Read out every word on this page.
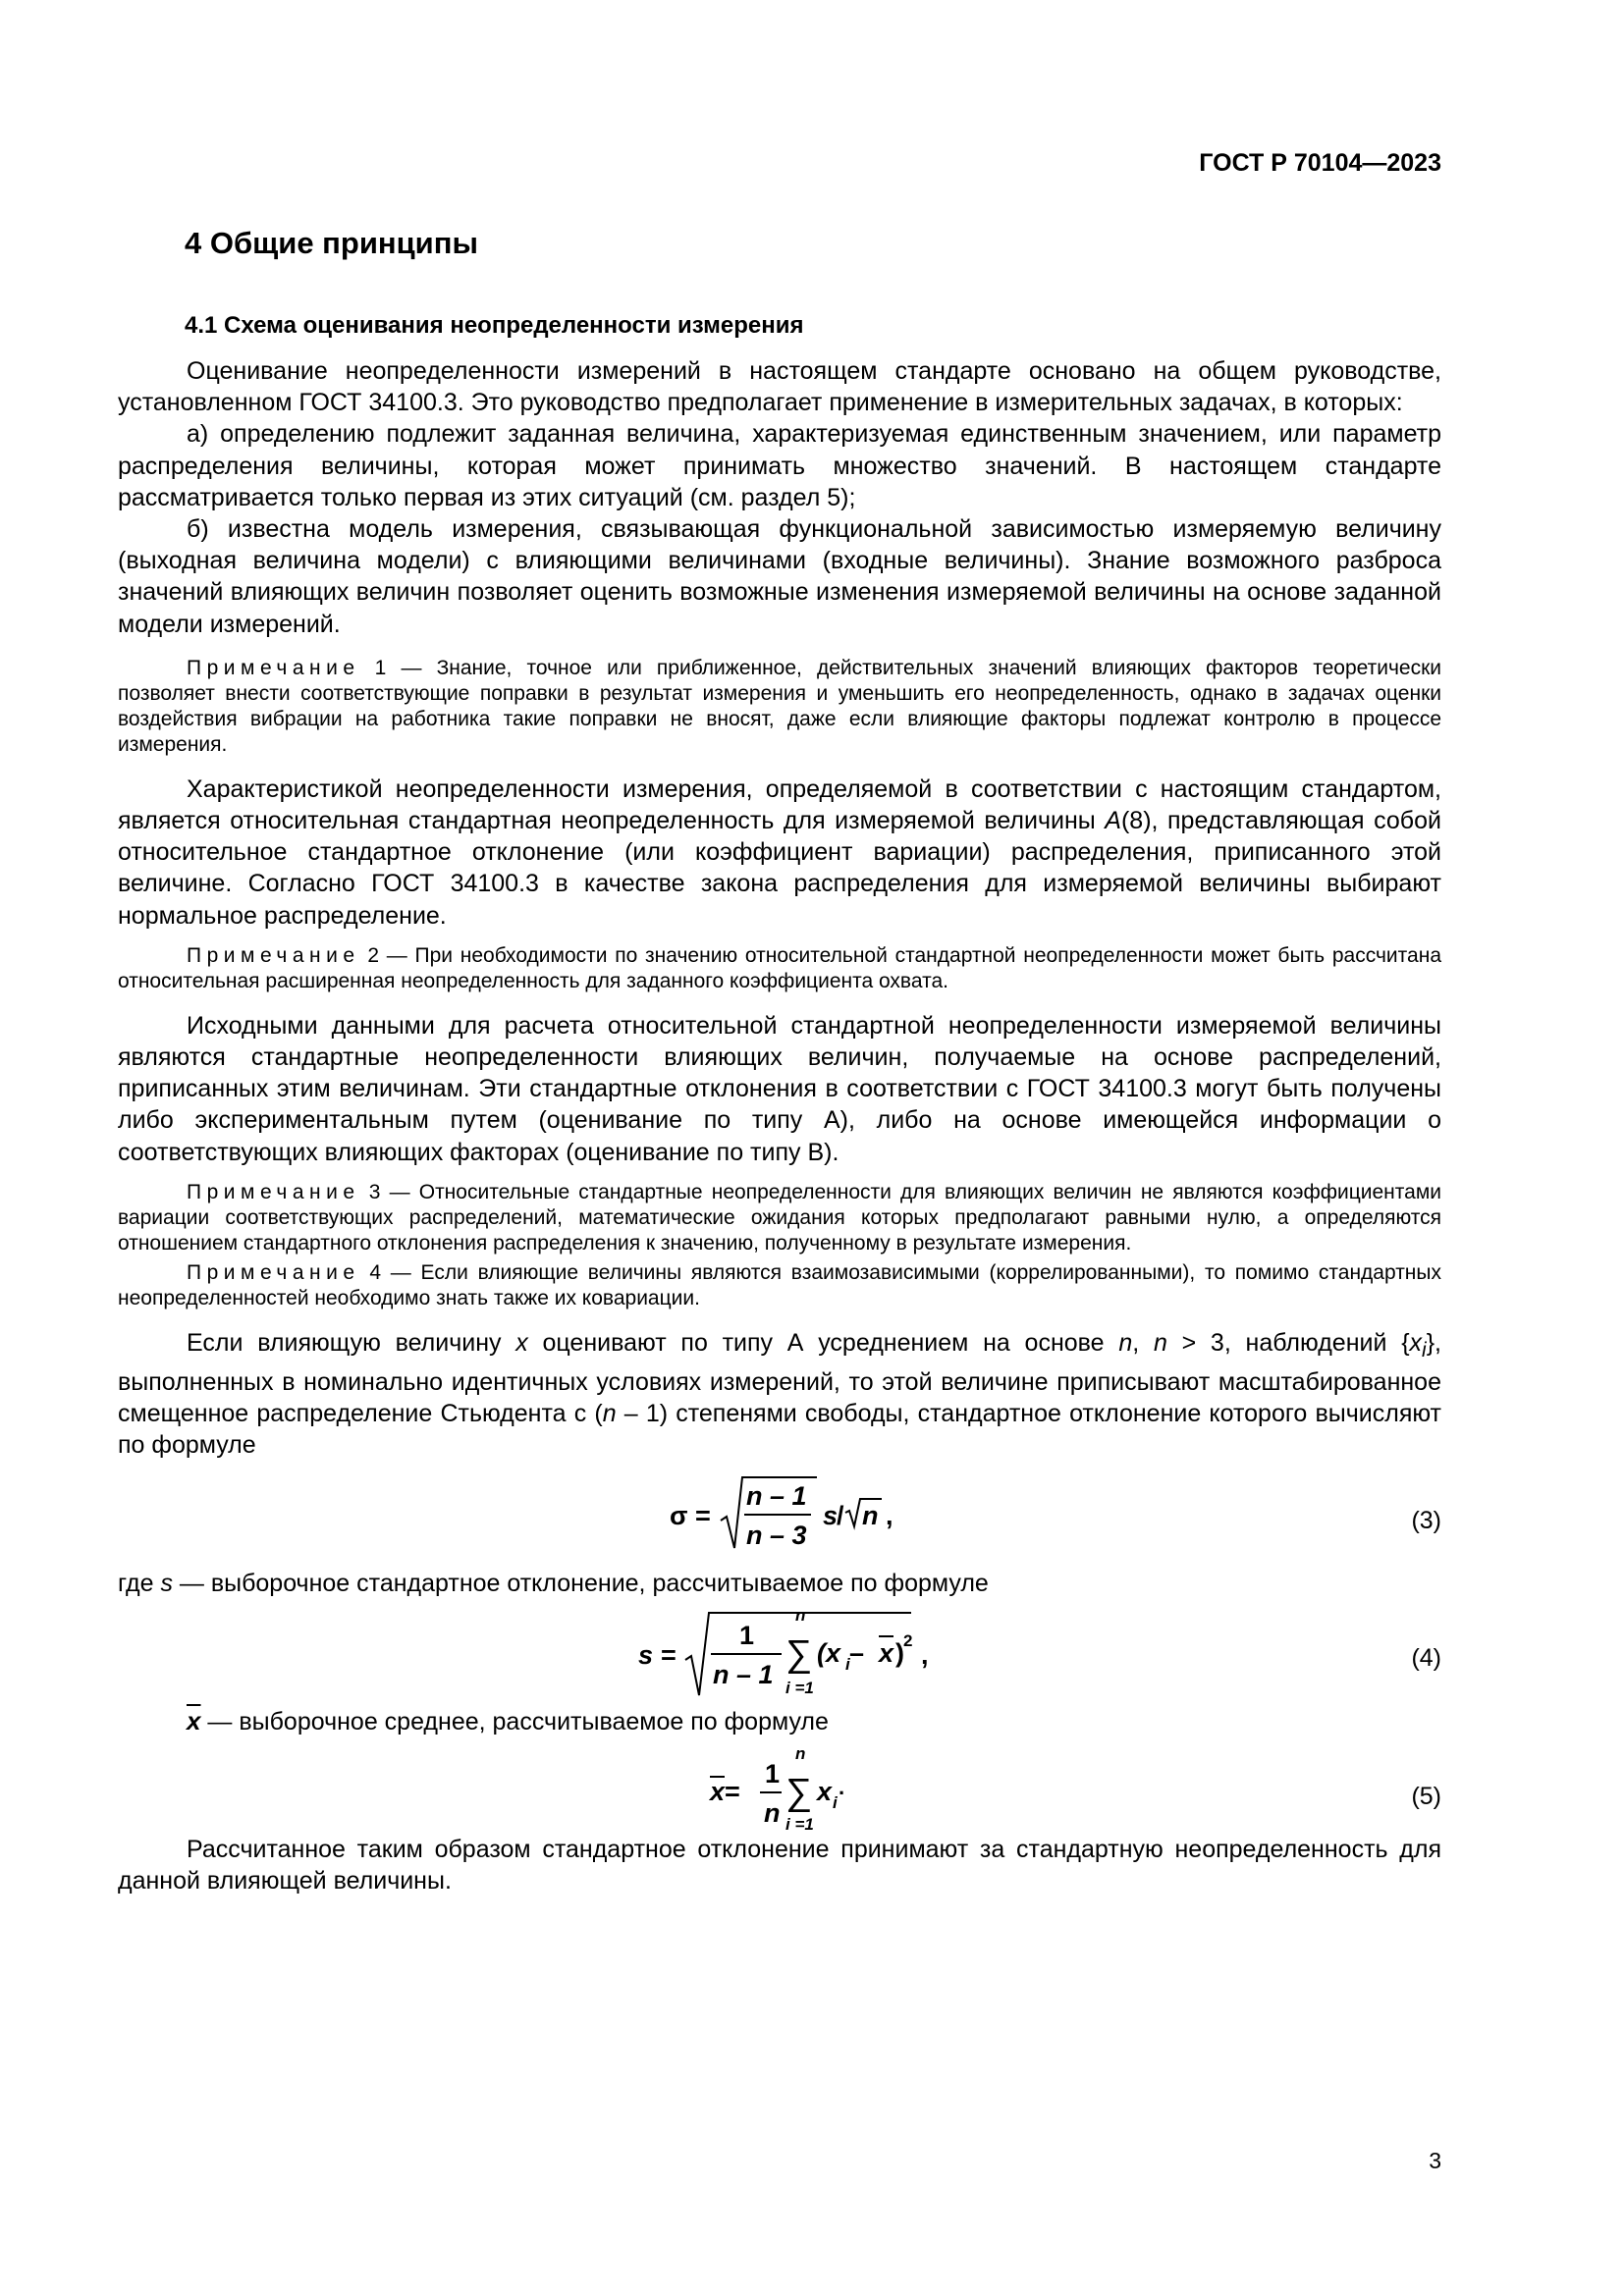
ГОСТ Р 70104—2023
4 Общие принципы
4.1 Схема оценивания неопределенности измерения

Оценивание неопределенности измерений в настоящем стандарте основано на общем руководстве, установленном ГОСТ 34100.3. Это руководство предполагает применение в измерительных задачах, в которых:

а) определению подлежит заданная величина, характеризуемая единственным значением, или параметр распределения величины, которая может принимать множество значений. В настоящем стандарте рассматривается только первая из этих ситуаций (см. раздел 5);

б) известна модель измерения, связывающая функциональной зависимостью измеряемую величину (выходная величина модели) с влияющими величинами (входные величины). Знание возможного разброса значений влияющих величин позволяет оценить возможные изменения измеряемой величины на основе заданной модели измерений.

Примечание 1 — Знание, точное или приближенное, действительных значений влияющих факторов теоретически позволяет внести соответствующие поправки в результат измерения и уменьшить его неопределенность, однако в задачах оценки воздействия вибрации на работника такие поправки не вносят, даже если влияющие факторы подлежат контролю в процессе измерения.

Характеристикой неопределенности измерения, определяемой в соответствии с настоящим стандартом, является относительная стандартная неопределенность для измеряемой величины A(8), представляющая собой относительное стандартное отклонение (или коэффициент вариации) распределения, приписанного этой величине. Согласно ГОСТ 34100.3 в качестве закона распределения для измеряемой величины выбирают нормальное распределение.

Примечание 2 — При необходимости по значению относительной стандартной неопределенности может быть рассчитана относительная расширенная неопределенность для заданного коэффициента охвата.

Исходными данными для расчета относительной стандартной неопределенности измеряемой величины являются стандартные неопределенности влияющих величин, получаемые на основе распределений, приписанных этим величинам. Эти стандартные отклонения в соответствии с ГОСТ 34100.3 могут быть получены либо экспериментальным путем (оценивание по типу А), либо на основе имеющейся информации о соответствующих влияющих факторах (оценивание по типу В).

Примечание 3 — Относительные стандартные неопределенности для влияющих величин не являются коэффициентами вариации соответствующих распределений, математические ожидания которых предполагают равными нулю, а определяются отношением стандартного отклонения распределения к значению, полученному в результате измерения.

Примечание 4 — Если влияющие величины являются взаимозависимыми (коррелированными), то помимо стандартных неопределенностей необходимо знать также их ковариации.

Если влияющую величину x оценивают по типу А усреднением на основе n, n > 3, наблюдений $\{x_i\}$, выполненных в номинально идентичных условиях измерений, то этой величине приписывают масштабированное смещенное распределение Стьюдента с (n – 1) степенями свободы, стандартное отклонение которого вычисляют по формуле

σ =
n – 1
n – 3
s
/ n ,	(3)

где s — выборочное стандартное отклонение, рассчитываемое по формуле

s =
1
n – 1
n
∑
i =1
(x i – x ) 2 ,	(4)

$\overline{x}$ — выборочное среднее, рассчитываемое по формуле

x =
1
n
n
∑
i =1
x i ·	(5)

Рассчитанное таким образом стандартное отклонение принимают за стандартную неопределенность для данной влияющей величины.

3
